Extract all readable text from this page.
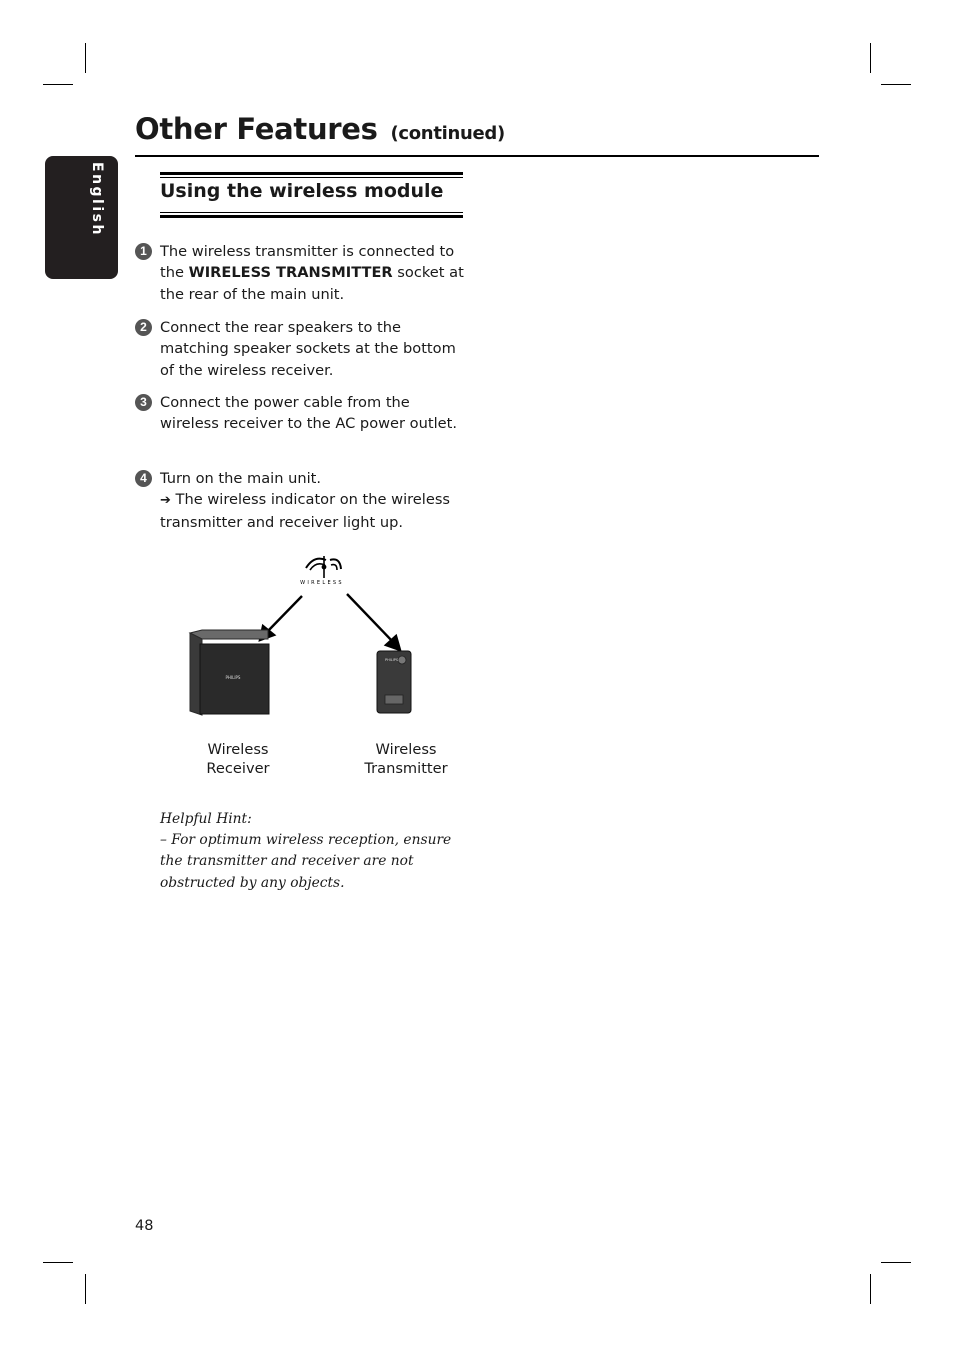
English
Other Features (continued)
Using the wireless module
1 The wireless transmitter is connected to the WIRELESS TRANSMITTER socket at the rear of the main unit.
2 Connect the rear speakers to the matching speaker sockets at the bottom of the wireless receiver.
3 Connect the power cable from the wireless receiver to the AC power outlet.
4 Turn on the main unit.
➔ The wireless indicator on the wireless transmitter and receiver light up.
WIRELESS
PHILIPS
PHILIPS
Wireless
Receiver
Wireless
Transmitter
Helpful Hint:
– For optimum wireless reception, ensure the transmitter and receiver are not obstructed by any objects.
48
